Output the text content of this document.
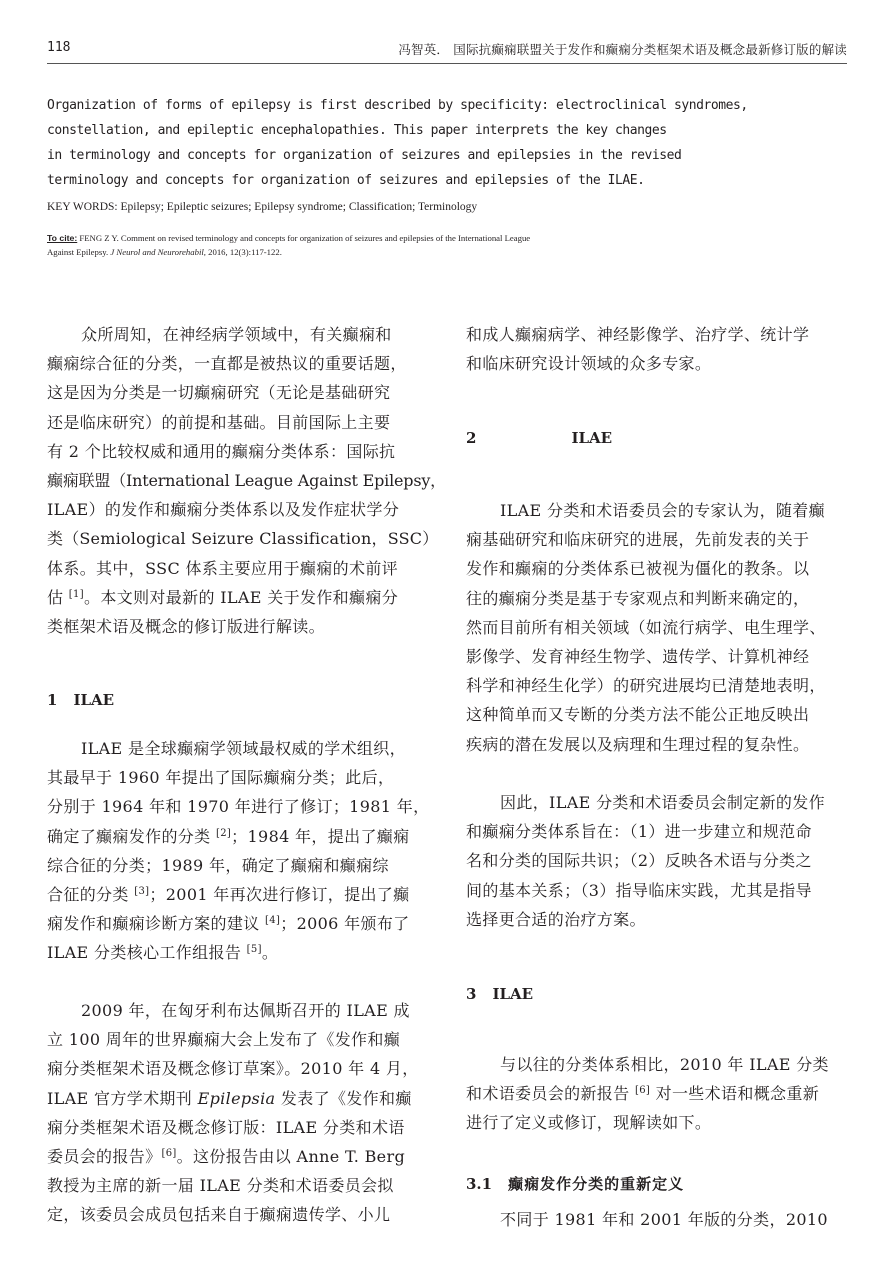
118	冯智英． 国际抗癫痫联盟关于发作和癫痫分类框架术语及概念最新修订版的解读
Organization of forms of epilepsy is first described by specificity: electroclinical syndromes,
constellation, and epileptic encephalopathies. This paper interprets the key changes
in terminology and concepts for organization of seizures and epilepsies in the revised
terminology and concepts for organization of seizures and epilepsies of the ILAE.
KEY WORDS: Epilepsy; Epileptic seizures; Epilepsy syndrome; Classification; Terminology
To cite: FENG Z Y. Comment on revised terminology and concepts for organization of seizures and epilepsies of the International League
Against Epilepsy. J Neurol and Neurorehabil, 2016, 12(3):117-122.
众所周知，在神经病学领域中，有关癫痫和
癫痫综合征的分类，一直都是被热议的重要话题，
这是因为分类是一切癫痫研究（无论是基础研究
还是临床研究）的前提和基础。目前国际上主要
有 2 个比较权威和通用的癫痫分类体系：国际抗
癫痫联盟（International League Against Epilepsy，
ILAE）的发作和癫痫分类体系以及发作症状学分
类（Semiological Seizure Classification，SSC）
体系。其中，SSC 体系主要应用于癫痫的术前评
估 [1]。本文则对最新的 ILAE 关于发作和癫痫分
类框架术语及概念的修订版进行解读。
1 ILAE
ILAE 是全球癫痫学领域最权威的学术组织，
其最早于 1960 年提出了国际癫痫分类；此后，
分别于 1964 年和 1970 年进行了修订；1981 年，
确定了癫痫发作的分类 [2]；1984 年，提出了癫痫
综合征的分类；1989 年，确定了癫痫和癫痫综
合征的分类 [3]；2001 年再次进行修订，提出了癫
痫发作和癫痫诊断方案的建议 [4]；2006 年颁布了
ILAE 分类核心工作组报告 [5]。
2009 年，在匈牙利布达佩斯召开的 ILAE 成
立 100 周年的世界癫痫大会上发布了《发作和癫
痫分类框架术语及概念修订草案》。2010 年 4 月，
ILAE 官方学术期刊 Epilepsia 发表了《发作和癫
痫分类框架术语及概念修订版：ILAE 分类和术语
委员会的报告》[6]。这份报告由以 Anne T. Berg
教授为主席的新一届 ILAE 分类和术语委员会拟
定，该委员会成员包括来自于癫痫遗传学、小儿
和成人癫痫病学、神经影像学、治疗学、统计学
和临床研究设计领域的众多专家。
2	ILAE
ILAE 分类和术语委员会的专家认为，随着癫
痫基础研究和临床研究的进展，先前发表的关于
发作和癫痫的分类体系已被视为僵化的教条。以
往的癫痫分类是基于专家观点和判断来确定的，
然而目前所有相关领域（如流行病学、电生理学、
影像学、发育神经生物学、遗传学、计算机神经
科学和神经生化学）的研究进展均已清楚地表明，
这种简单而又专断的分类方法不能公正地反映出
疾病的潜在发展以及病理和生理过程的复杂性。
因此，ILAE 分类和术语委员会制定新的发作
和癫痫分类体系旨在：（1）进一步建立和规范命
名和分类的国际共识；（2）反映各术语与分类之
间的基本关系；（3）指导临床实践，尤其是指导
选择更合适的治疗方案。
3 ILAE
与以往的分类体系相比，2010 年 ILAE 分类
和术语委员会的新报告 [6] 对一些术语和概念重新
进行了定义或修订，现解读如下。
3.1 癫痫发作分类的重新定义
不同于 1981 年和 2001 年版的分类，2010
